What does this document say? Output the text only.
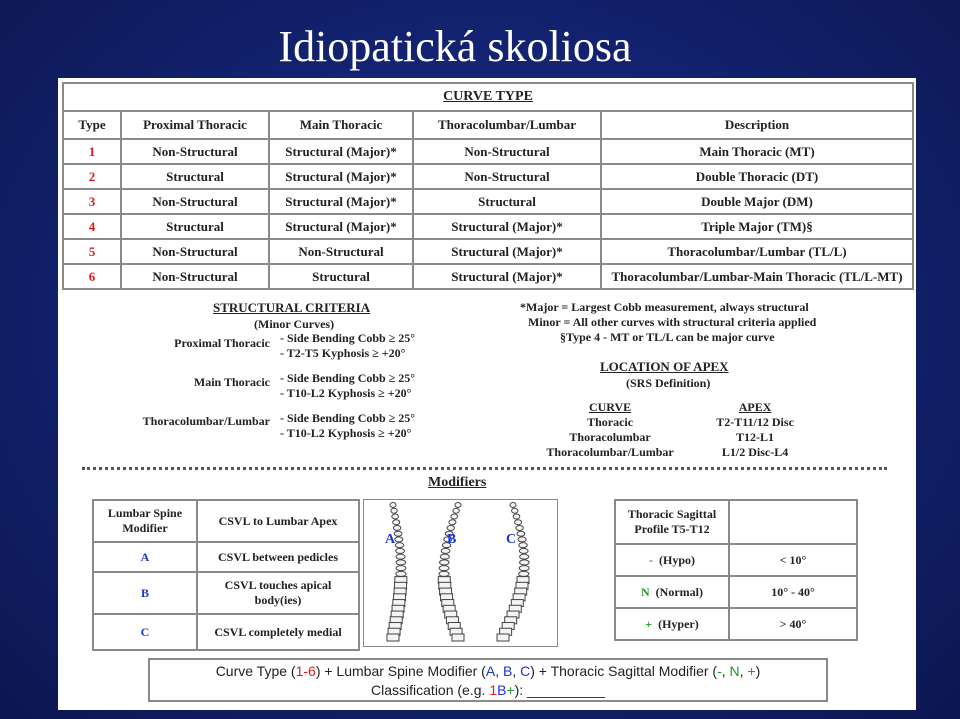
Idiopatická skoliosa
CURVE TYPE				
Type	Proximal Thoracic	Main Thoracic	Thoracolumbar/Lumbar	Description
1	Non-Structural	Structural (Major)*	Non-Structural	Main Thoracic (MT)
2	Structural	Structural (Major)*	Non-Structural	Double Thoracic (DT)
3	Non-Structural	Structural (Major)*	Structural	Double Major (DM)
4	Structural	Structural (Major)*	Structural (Major)*	Triple Major (TM)§
5	Non-Structural	Non-Structural	Structural (Major)*	Thoracolumbar/Lumbar (TL/L)
6	Non-Structural	Structural	Structural (Major)*	Thoracolumbar/Lumbar-Main Thoracic (TL/L-MT)
STRUCTURAL CRITERIA
(Minor Curves)
Proximal Thoracic - Side Bending Cobb ≥ 25°
- T2-T5 Kyphosis ≥ +20°
Main Thoracic - Side Bending Cobb ≥ 25°
- T10-L2 Kyphosis ≥ +20°
Thoracolumbar/Lumbar - Side Bending Cobb ≥ 25°
- T10-L2 Kyphosis ≥ +20°
*Major = Largest Cobb measurement, always structural
Minor = All other curves with structural criteria applied
§Type 4 - MT or TL/L can be major curve
LOCATION OF APEX
(SRS Definition)
CURVE	APEX
Thoracic	T2-T11/12 Disc
Thoracolumbar	T12-L1
Thoracolumbar/Lumbar	L1/2 Disc-L4
Modifiers
Lumbar Spine Modifier	CSVL to Lumbar Apex
A	CSVL between pedicles
B	CSVL touches apical body(ies)
C	CSVL completely medial
A	B	C
Thoracic Sagittal Profile T5-T12	
- (Hypo)	< 10°
N (Normal)	10° - 40°
+ (Hyper)	> 40°
Curve Type (1-6) + Lumbar Spine Modifier (A, B, C) + Thoracic Sagittal Modifier (-, N, +)
Classification (e.g. 1B+): __________
